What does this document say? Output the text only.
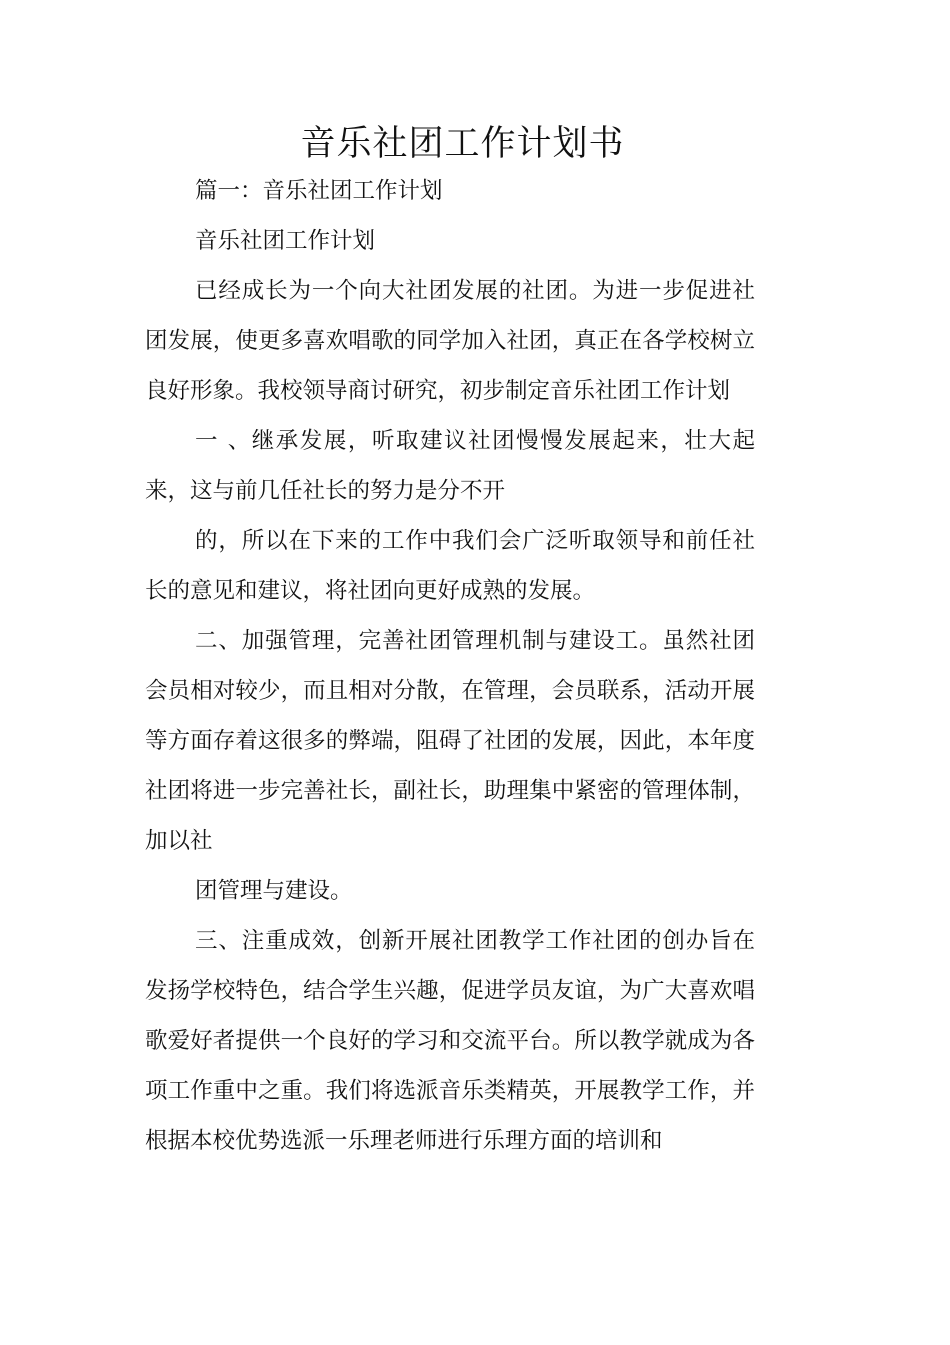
音乐社团工作计划书

篇一：音乐社团工作计划

音乐社团工作计划

已经成长为一个向大社团发展的社团。为进一步促进社团发展，使更多喜欢唱歌的同学加入社团，真正在各学校树立良好形象。我校领导商讨研究，初步制定音乐社团工作计划

一 、继承发展，听取建议社团慢慢发展起来，壮大起来，这与前几任社长的努力是分不开

的，所以在下来的工作中我们会广泛听取领导和前任社长的意见和建议，将社团向更好成熟的发展。

二、加强管理，完善社团管理机制与建设工。虽然社团会员相对较少，而且相对分散，在管理，会员联系，活动开展等方面存着这很多的弊端，阻碍了社团的发展，因此，本年度社团将进一步完善社长，副社长，助理集中紧密的管理体制，加以社

团管理与建设。

三、注重成效，创新开展社团教学工作社团的创办旨在发扬学校特色，结合学生兴趣，促进学员友谊，为广大喜欢唱歌爱好者提供一个良好的学习和交流平台。所以教学就成为各项工作重中之重。我们将选派音乐类精英，开展教学工作，并根据本校优势选派一乐理老师进行乐理方面的培训和
